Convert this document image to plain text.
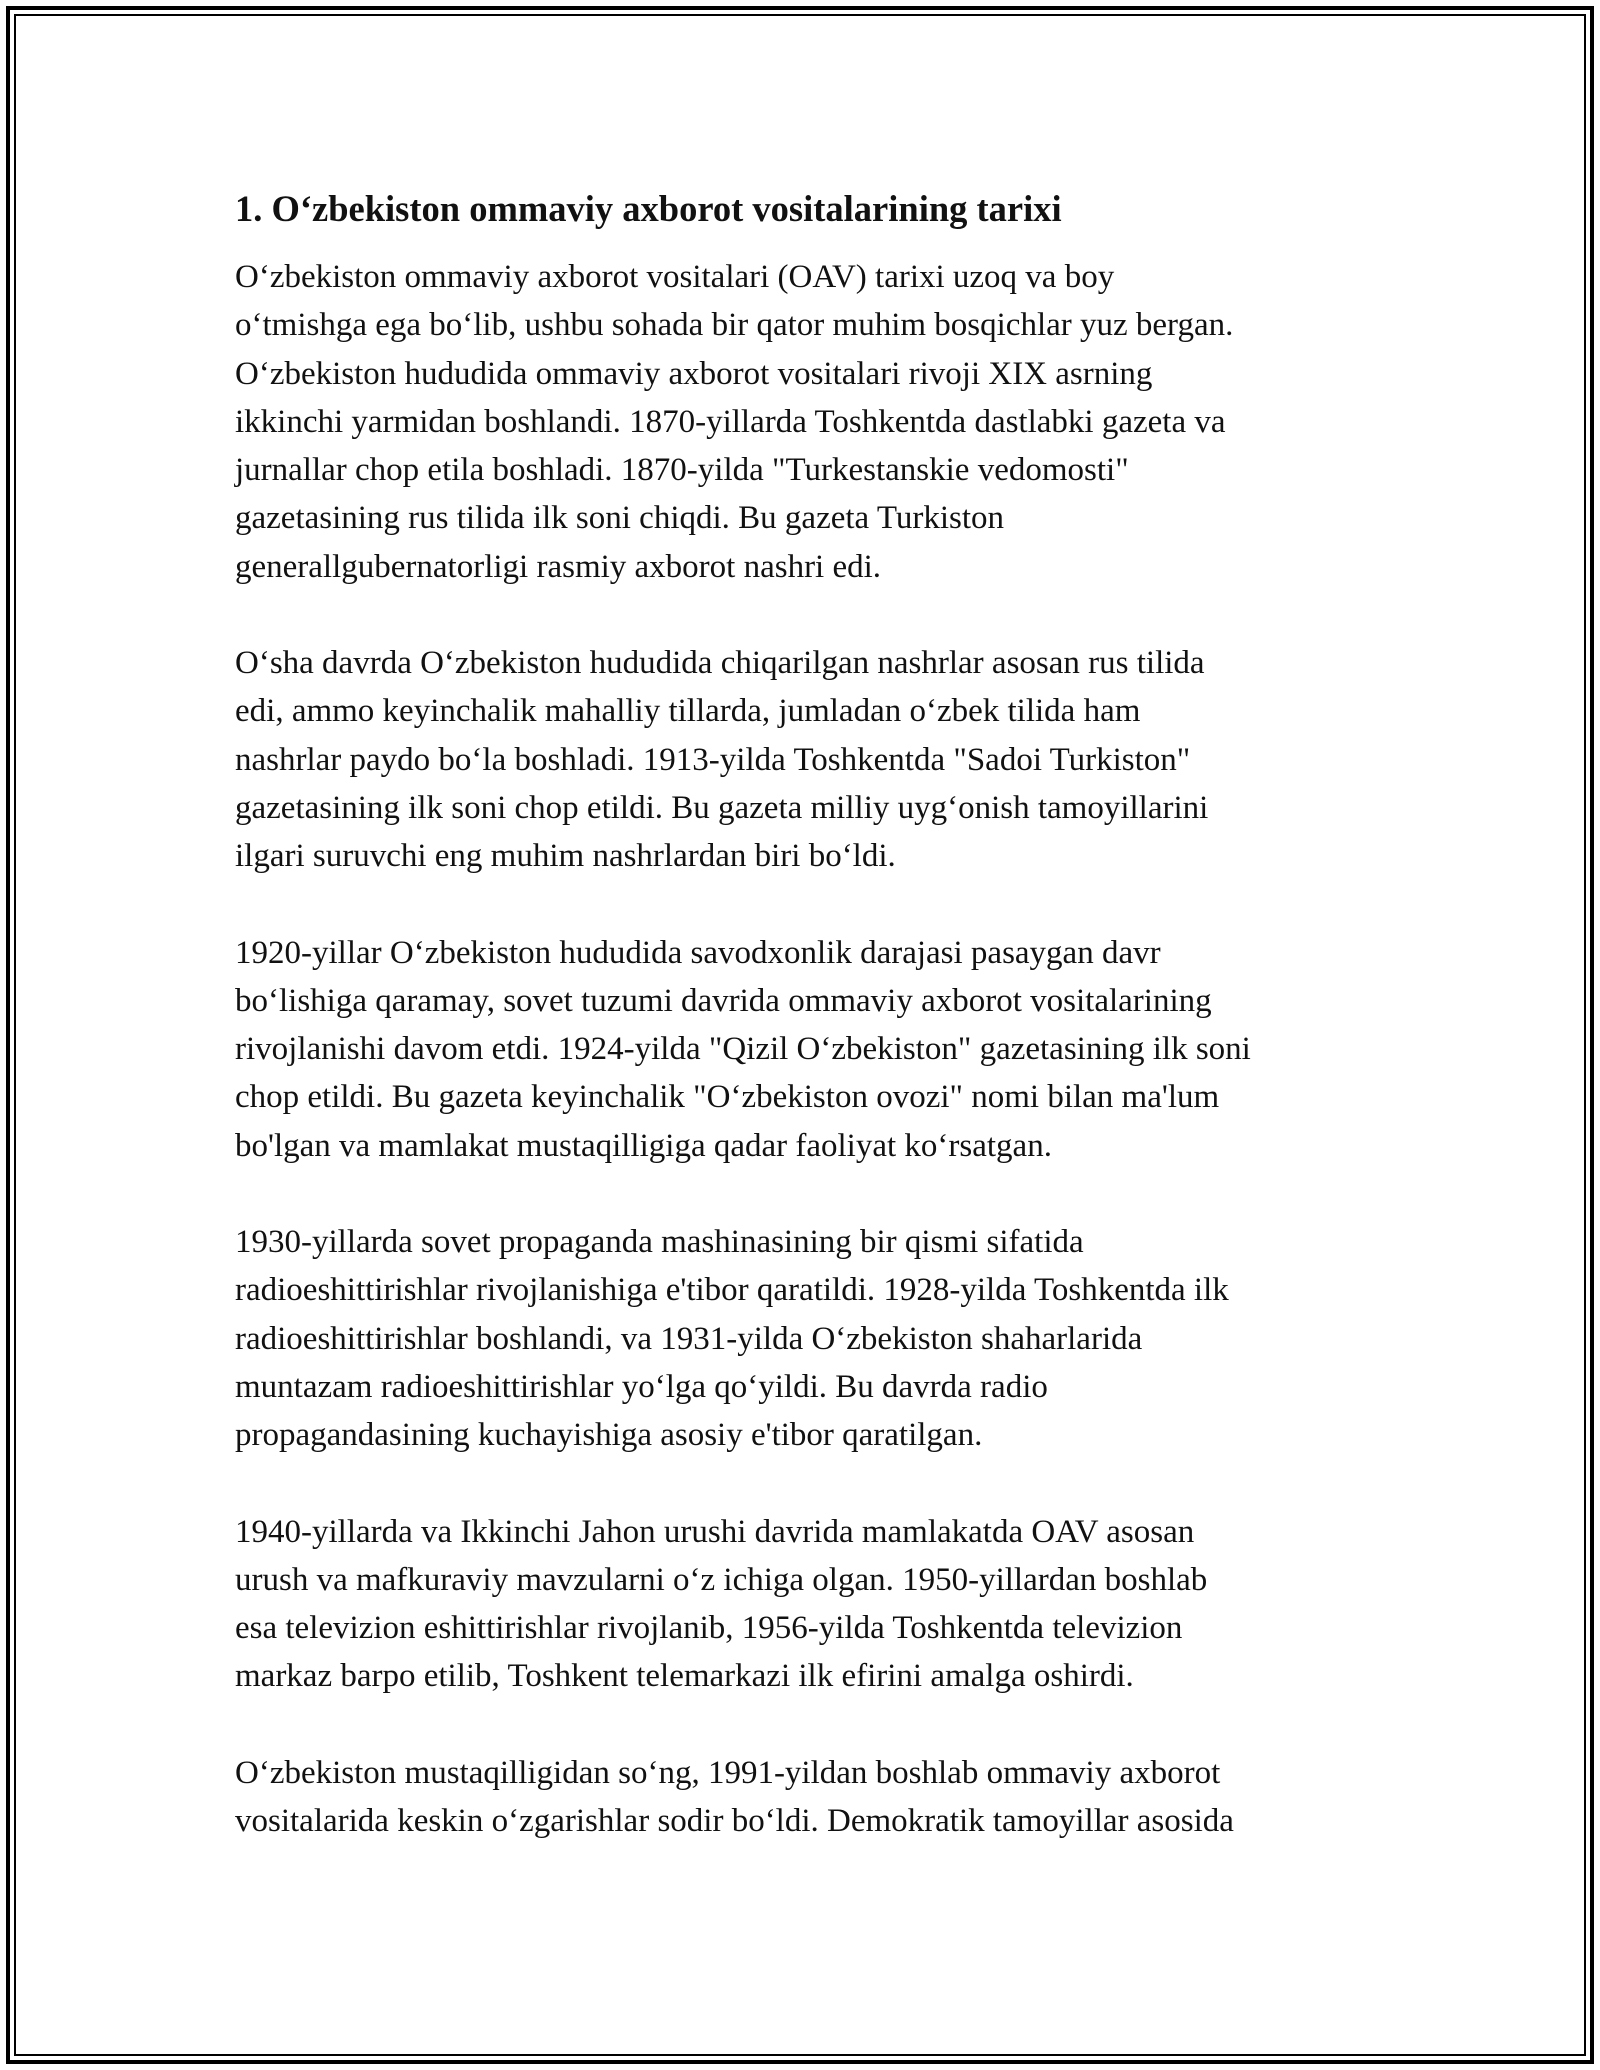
1. Oʻzbekiston ommaviy axborot vositalarining tarixi

Oʻzbekiston ommaviy axborot vositalari (OAV) tarixi uzoq va boy
oʻtmishga ega boʻlib, ushbu sohada bir qator muhim bosqichlar yuz bergan.
Oʻzbekiston hududida ommaviy axborot vositalari rivoji XIX asrning
ikkinchi yarmidan boshlandi. 1870-yillarda Toshkentda dastlabki gazeta va
jurnallar chop etila boshladi. 1870-yilda "Turkestanskie vedomosti"
gazetasining rus tilida ilk soni chiqdi. Bu gazeta Turkiston
generallgubernatorligi rasmiy axborot nashri edi.

Oʻsha davrda Oʻzbekiston hududida chiqarilgan nashrlar asosan rus tilida
edi, ammo keyinchalik mahalliy tillarda, jumladan oʻzbek tilida ham
nashrlar paydo boʻla boshladi. 1913-yilda Toshkentda "Sadoi Turkiston"
gazetasining ilk soni chop etildi. Bu gazeta milliy uygʻonish tamoyillarini
ilgari suruvchi eng muhim nashrlardan biri boʻldi.

1920-yillar Oʻzbekiston hududida savodxonlik darajasi pasaygan davr
boʻlishiga qaramay, sovet tuzumi davrida ommaviy axborot vositalarining
rivojlanishi davom etdi. 1924-yilda "Qizil Oʻzbekiston" gazetasining ilk soni
chop etildi. Bu gazeta keyinchalik "Oʻzbekiston ovozi" nomi bilan ma'lum
bo'lgan va mamlakat mustaqilligiga qadar faoliyat koʻrsatgan.

1930-yillarda sovet propaganda mashinasining bir qismi sifatida
radioeshittirishlar rivojlanishiga e'tibor qaratildi. 1928-yilda Toshkentda ilk
radioeshittirishlar boshlandi, va 1931-yilda Oʻzbekiston shaharlarida
muntazam radioeshittirishlar yoʻlga qoʻyildi. Bu davrda radio
propagandasining kuchayishiga asosiy e'tibor qaratilgan.

1940-yillarda va Ikkinchi Jahon urushi davrida mamlakatda OAV asosan
urush va mafkuraviy mavzularni oʻz ichiga olgan. 1950-yillardan boshlab
esa televizion eshittirishlar rivojlanib, 1956-yilda Toshkentda televizion
markaz barpo etilib, Toshkent telemarkazi ilk efirini amalga oshirdi.

Oʻzbekiston mustaqilligidan soʻng, 1991-yildan boshlab ommaviy axborot
vositalarida keskin oʻzgarishlar sodir boʻldi. Demokratik tamoyillar asosida
